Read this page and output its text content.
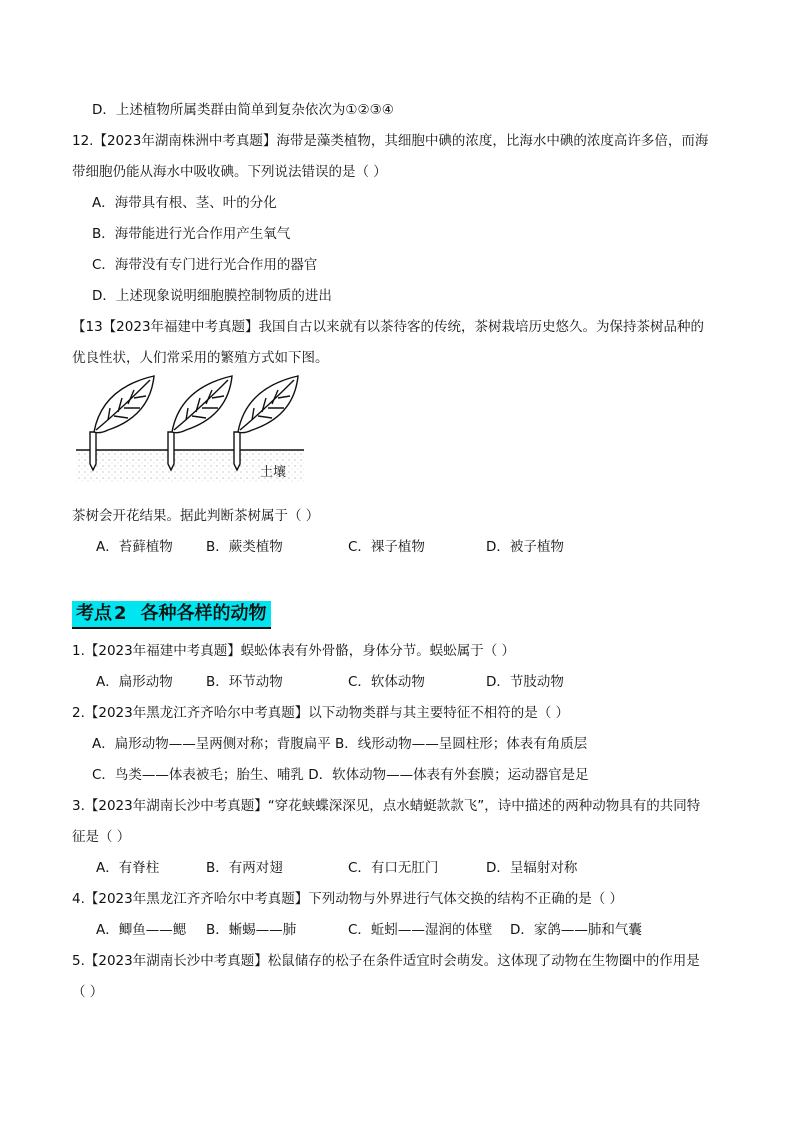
D．上述植物所属类群由简单到复杂依次为①②③④
12.【2023年湖南株洲中考真题】海带是藻类植物，其细胞中碘的浓度，比海水中碘的浓度高许多倍，而海
带细胞仍能从海水中吸收碘。下列说法错误的是（ ）
A．海带具有根、茎、叶的分化
B．海带能进行光合作用产生氧气
C．海带没有专门进行光合作用的器官
D．上述现象说明细胞膜控制物质的进出
【13【2023年福建中考真题】我国自古以来就有以茶待客的传统，茶树栽培历史悠久。为保持茶树品种的
优良性状，人们常采用的繁殖方式如下图。
土壤
茶树会开花结果。据此判断茶树属于（ ）
A．苔藓植物 B．蕨类植物	C．裸子植物	D．被子植物
考点 2 各种各样的动物
1.【2023年福建中考真题】蜈蚣体表有外骨骼，身体分节。蜈蚣属于（ ）
A．扁形动物 B．环节动物	C．软体动物	D．节肢动物
2.【2023年黑龙江齐齐哈尔中考真题】以下动物类群与其主要特征不相符的是（ ）
A．扁形动物——呈两侧对称；背腹扁平 B．线形动物——呈圆柱形；体表有角质层
C．鸟类——体表被毛；胎生、哺乳 D．软体动物——体表有外套膜；运动器官是足
3.【2023年湖南长沙中考真题】“穿花蛱蝶深深见，点水蜻蜓款款飞”，诗中描述的两种动物具有的共同特
征是（ ）
A．有脊柱	B．有两对翅	C．有口无肛门	D．呈辐射对称
4.【2023年黑龙江齐齐哈尔中考真题】下列动物与外界进行气体交换的结构不正确的是（ ）
A．鲫鱼——鳃 B．蜥蜴——肺	C．蚯蚓——湿润的体壁 D．家鸽——肺和气囊
5.【2023年湖南长沙中考真题】松鼠储存的松子在条件适宜时会萌发。这体现了动物在生物圈中的作用是
（ ）
